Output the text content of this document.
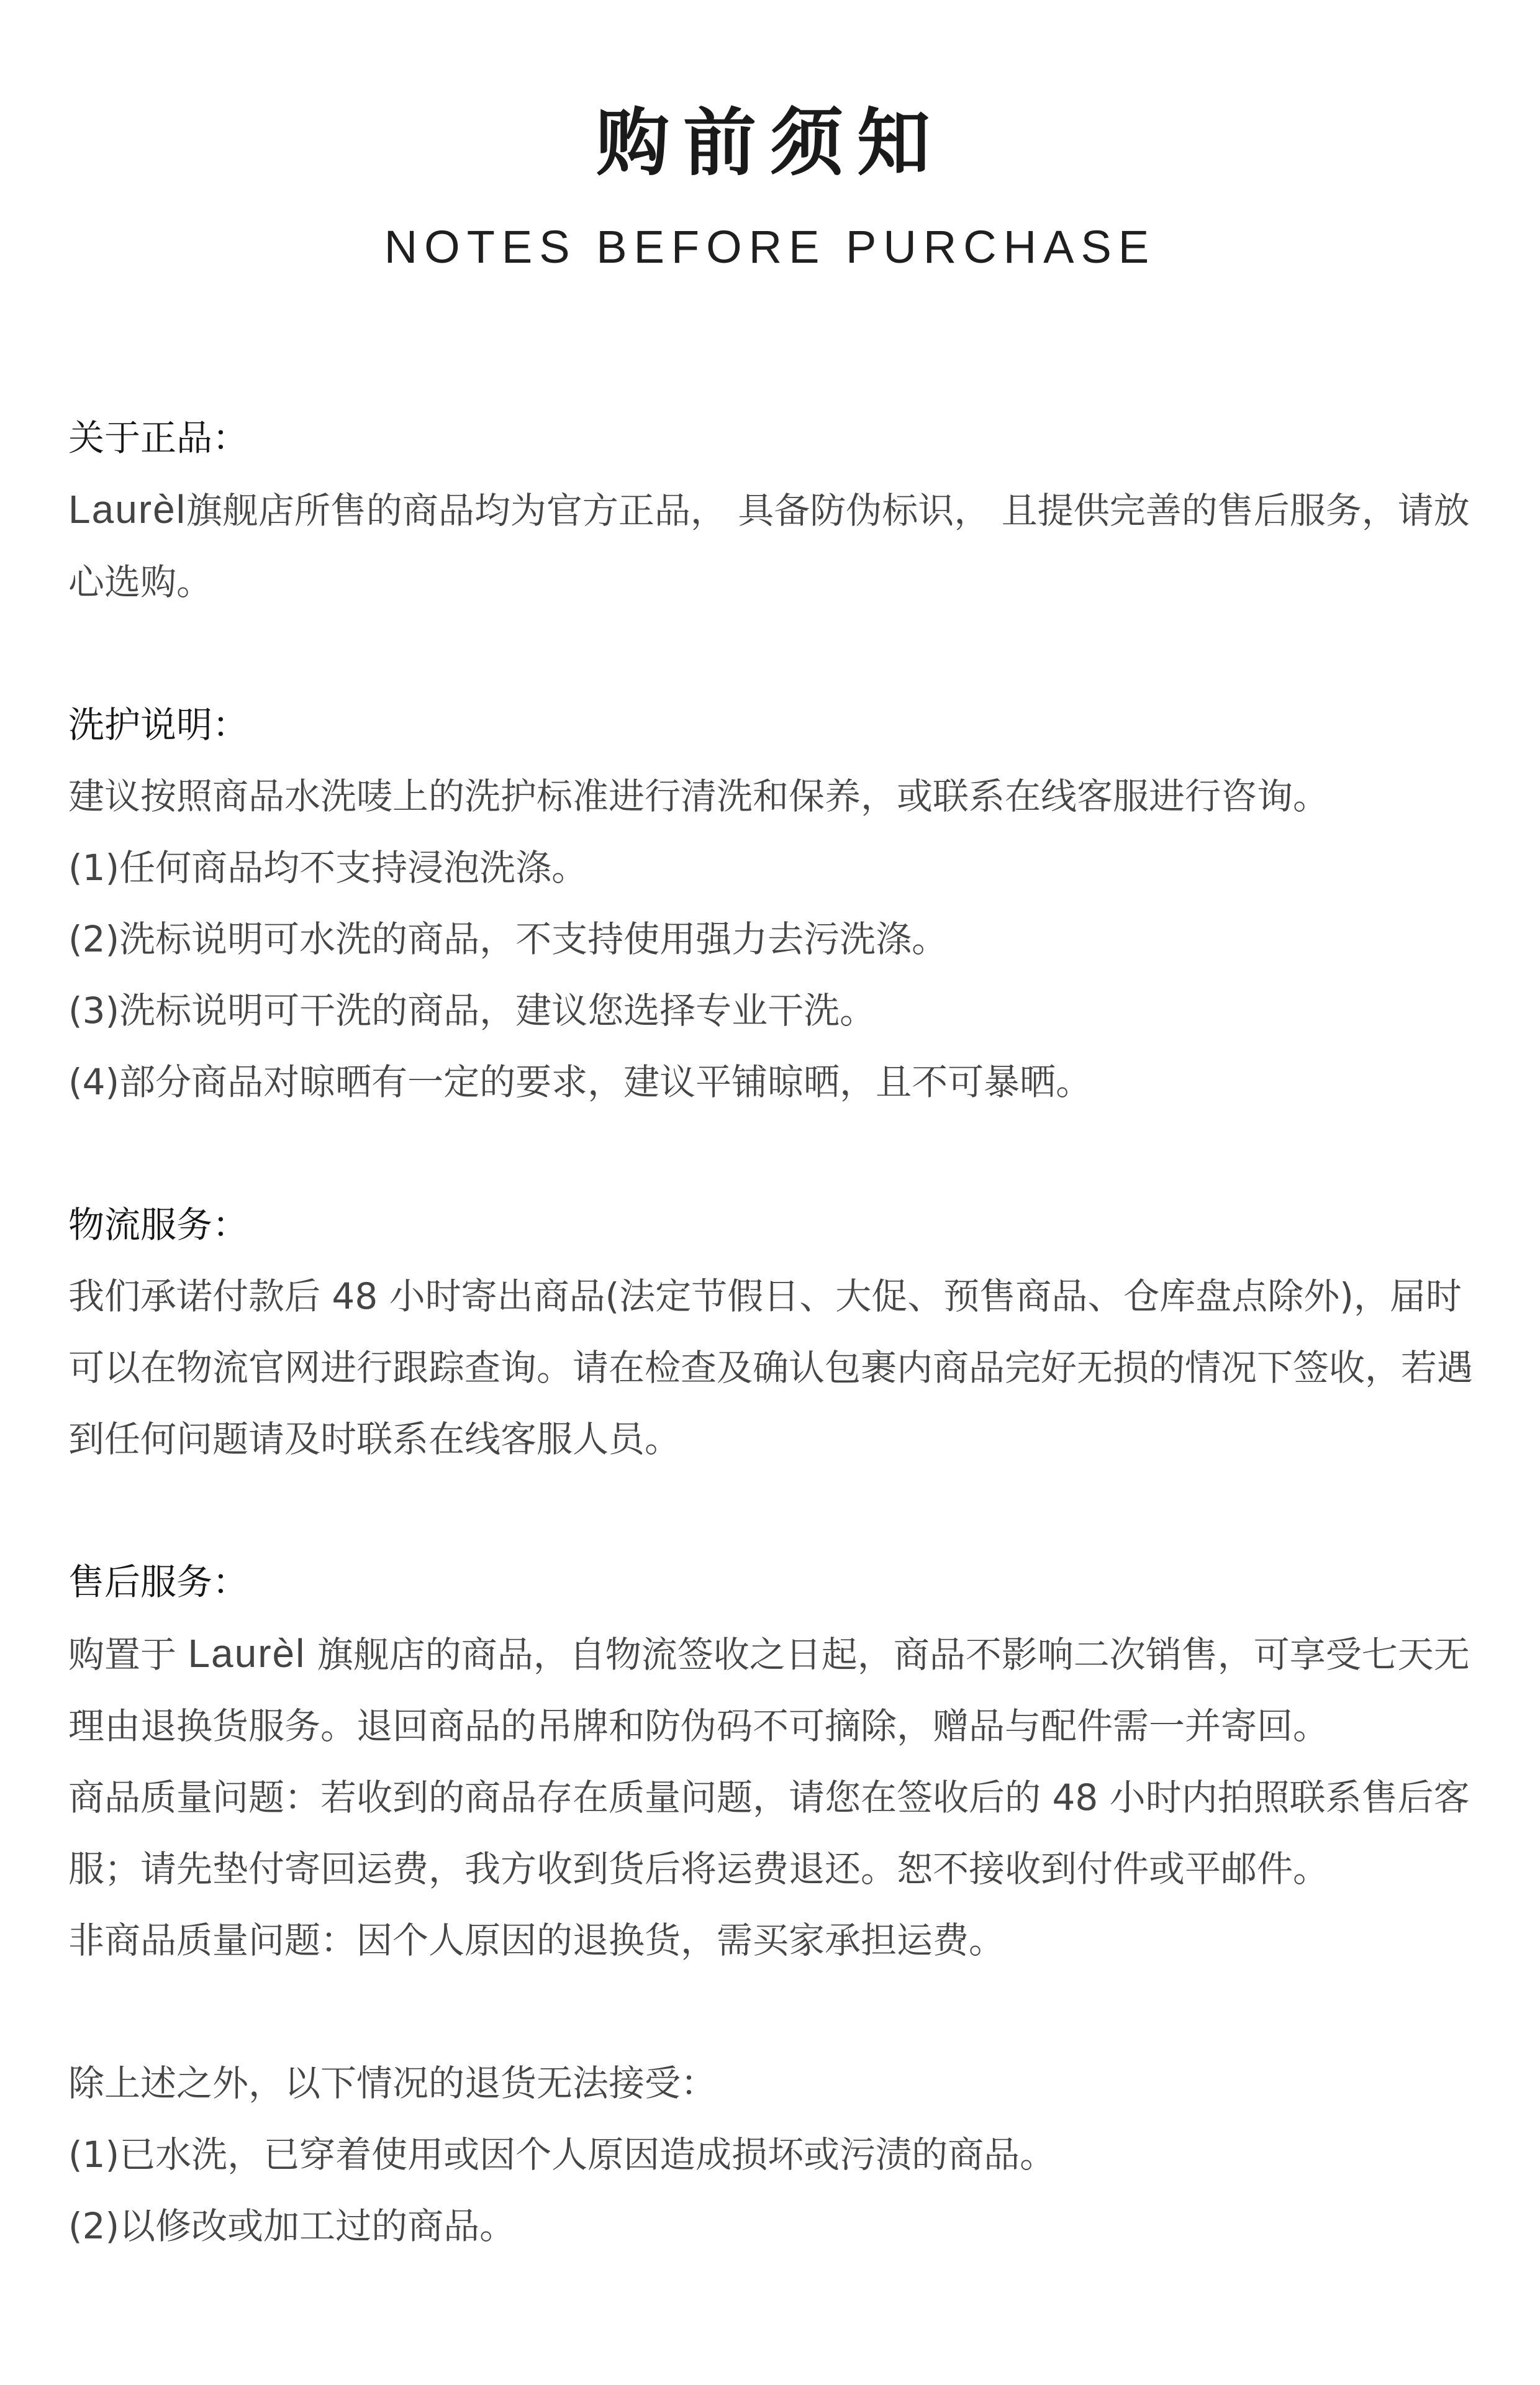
购前须知
NOTES BEFORE PURCHASE
关于正品：

Laurèl旗舰店所售的商品均为官方正品， 具备防伪标识， 且提供完善的售后服务，请放心选购。

洗护说明：

建议按照商品水洗唛上的洗护标准进行清洗和保养，或联系在线客服进行咨询。

(1)任何商品均不支持浸泡洗涤。

(2)洗标说明可水洗的商品，不支持使用强力去污洗涤。

(3)洗标说明可干洗的商品，建议您选择专业干洗。

(4)部分商品对晾晒有一定的要求，建议平铺晾晒，且不可暴晒。

物流服务：

我们承诺付款后 48 小时寄出商品(法定节假日、大促、预售商品、仓库盘点除外)，届时可以在物流官网进行跟踪查询。请在检查及确认包裹内商品完好无损的情况下签收，若遇到任何问题请及时联系在线客服人员。

售后服务：

购置于 Laurèl 旗舰店的商品，自物流签收之日起，商品不影响二次销售，可享受七天无理由退换货服务。退回商品的吊牌和防伪码不可摘除，赠品与配件需一并寄回。

商品质量问题：若收到的商品存在质量问题，请您在签收后的 48 小时内拍照联系售后客服；请先垫付寄回运费，我方收到货后将运费退还。恕不接收到付件或平邮件。

非商品质量问题：因个人原因的退换货，需买家承担运费。

除上述之外，以下情况的退货无法接受：

(1)已水洗，已穿着使用或因个人原因造成损坏或污渍的商品。

(2)以修改或加工过的商品。
